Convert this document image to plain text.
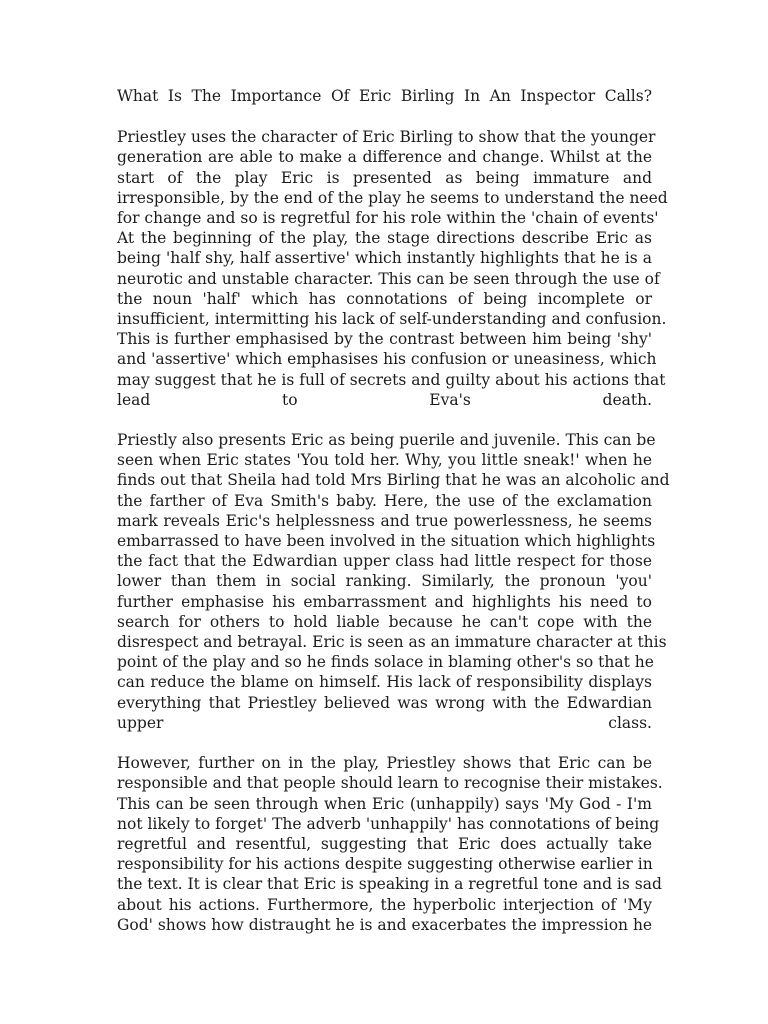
What Is The Importance Of Eric Birling In An Inspector Calls?
Priestley uses the character of Eric Birling to show that the younger
generation are able to make a difference and change. Whilst at the
start of the play Eric is presented as being immature and
irresponsible, by the end of the play he seems to understand the need
for change and so is regretful for his role within the 'chain of events'
At the beginning of the play, the stage directions describe Eric as
being 'half shy, half assertive' which instantly highlights that he is a
neurotic and unstable character. This can be seen through the use of
the noun 'half' which has connotations of being incomplete or
insufficient, intermitting his lack of self-understanding and confusion.
This is further emphasised by the contrast between him being 'shy'
and 'assertive' which emphasises his confusion or uneasiness, which
may suggest that he is full of secrets and guilty about his actions that
lead to Eva's death.
Priestly also presents Eric as being puerile and juvenile. This can be
seen when Eric states 'You told her. Why, you little sneak!' when he
finds out that Sheila had told Mrs Birling that he was an alcoholic and
the farther of Eva Smith's baby. Here, the use of the exclamation
mark reveals Eric's helplessness and true powerlessness, he seems
embarrassed to have been involved in the situation which highlights
the fact that the Edwardian upper class had little respect for those
lower than them in social ranking. Similarly, the pronoun 'you'
further emphasise his embarrassment and highlights his need to
search for others to hold liable because he can't cope with the
disrespect and betrayal. Eric is seen as an immature character at this
point of the play and so he finds solace in blaming other's so that he
can reduce the blame on himself. His lack of responsibility displays
everything that Priestley believed was wrong with the Edwardian
upper class.
However, further on in the play, Priestley shows that Eric can be
responsible and that people should learn to recognise their mistakes.
This can be seen through when Eric (unhappily) says 'My God - I'm
not likely to forget' The adverb 'unhappily' has connotations of being
regretful and resentful, suggesting that Eric does actually take
responsibility for his actions despite suggesting otherwise earlier in
the text. It is clear that Eric is speaking in a regretful tone and is sad
about his actions. Furthermore, the hyperbolic interjection of 'My
God' shows how distraught he is and exacerbates the impression he
